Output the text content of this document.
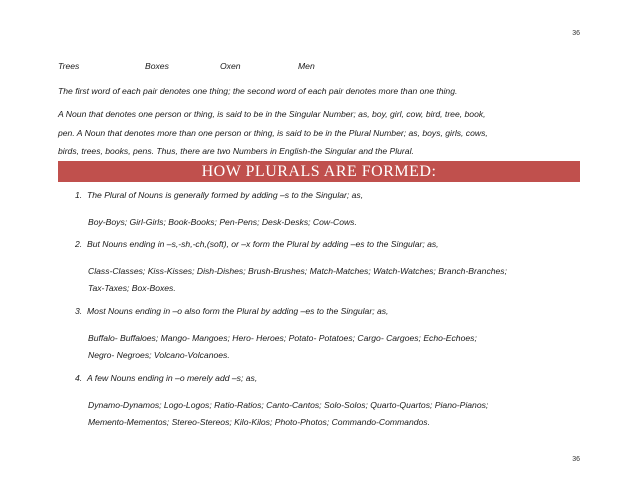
36
Trees	Boxes	Oxen	Men
The first word of each pair denotes one thing; the second word of each pair denotes more than one thing.
A Noun that denotes one person or thing, is said to be in the Singular Number; as, boy, girl, cow, bird, tree, book,
pen. A Noun that denotes more than one person or thing, is said to be in the Plural Number; as, boys, girls, cows,
birds, trees, books, pens. Thus, there are two Numbers in English-the Singular and the Plural.
HOW PLURALS ARE FORMED:
1. The Plural of Nouns is generally formed by adding –s to the Singular; as,
Boy-Boys; Girl-Girls; Book-Books; Pen-Pens; Desk-Desks; Cow-Cows.
2. But Nouns ending in –s,-sh,-ch,(soft), or –x form the Plural by adding –es to the Singular; as,
Class-Classes; Kiss-Kisses; Dish-Dishes; Brush-Brushes; Match-Matches; Watch-Watches; Branch-Branches;
Tax-Taxes; Box-Boxes.
3. Most Nouns ending in –o also form the Plural by adding –es to the Singular; as,
Buffalo- Buffaloes; Mango- Mangoes; Hero- Heroes; Potato- Potatoes; Cargo- Cargoes; Echo-Echoes;
Negro- Negroes; Volcano-Volcanoes.
4. A few Nouns ending in –o merely add –s; as,
Dynamo-Dynamos; Logo-Logos; Ratio-Ratios; Canto-Cantos; Solo-Solos; Quarto-Quartos; Piano-Pianos;
Memento-Mementos; Stereo-Stereos; Kilo-Kilos; Photo-Photos; Commando-Commandos.
36
